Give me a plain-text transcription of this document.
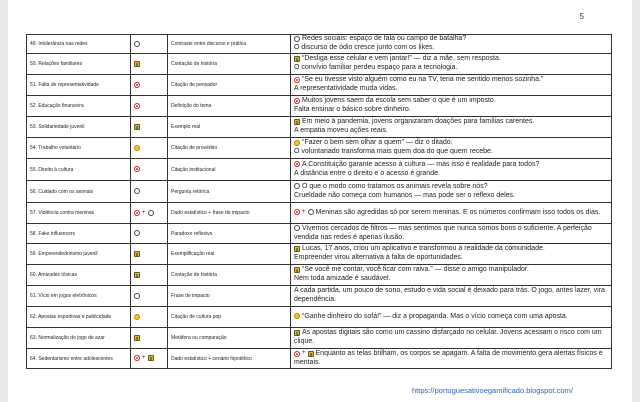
5
49. Intolerância nas redes		Contraste entre discurso e prática	Redes sociais: espaço de fala ou campo de batalha?
O discurso de ódio cresce junto com os likes.

50. Relações familiares		Contação de história	“Desliga esse celular e vem jantar!” — diz a mãe, sem resposta.
O convívio familiar perdeu espaço para a tecnologia.

51. Falta de representatividade		Citação de pensador	“Se eu tivesse visto alguém como eu na TV, teria me sentido menos sozinha.”
A representatividade muda vidas.

52. Educação financeira		Definição do tema	Muitos jovens saem da escola sem saber o que é um imposto.
Falta ensinar o básico sobre dinheiro.

53. Solidariedade juvenil		Exemplo real	Em meio à pandemia, jovens organizaram doações para famílias carentes.
A empatia moveu ações reais.

54. Trabalho voluntário		Citação de provérbio	“Fazer o bem sem olhar a quem” — diz o ditado.
O voluntariado transforma mais quem doa do que quem recebe.

55. Direito à cultura		Citação institucional	A Constituição garante acesso à cultura — mas isso é realidade para todos?
A distância entre o direito e o acesso é grande.

56. Cuidado com os animais		Pergunta retórica	O que o modo como tratamos os animais revela sobre nós?
Crueldade não começa com humanos — mas pode ser o reflexo deles.

57. Violência contra meninas	+	Dado estatístico + frase de impacto	+ Meninas são agredidas só por serem meninas. E os números confirmam isso todos os dias.

58. Fake influencers		Paradoxo reflexivo	Vivemos cercados de filtros — mas sentimos que nunca somos bons o suficiente. A perfeição vendida nas redes é apenas ilusão.

59. Empreendedorismo juvenil		Exemplificação real	Lucas, 17 anos, criou um aplicativo e transformou a realidade da comunidade.
Empreender virou alternativa à falta de oportunidades.

60. Amizades tóxicas		Contação de história	“Se você me contar, você ficar com raiva.” — disse o amigo manipulador.
Nem toda amizade é saudável.

61. Vício em jogos eletrônicos		Frase de impacto	A cada partida, um pouco de sono, estudo e vida social é deixado para trás. O jogo, antes lazer, vira dependência.

62. Apostas esportivas e publicidade		Citação de cultura pop	“Ganhe dinheiro do sofá!” — diz a propaganda. Mas o vício começa com uma aposta.

63. Normalização do jogo de azar		Metáfora ou comparação	As apostas digitais são como um cassino disfarçado no celular. Jovens acessam o risco com um clique.

64. Sedentarismo entre adolescentes	+	Dado estatístico + cenário hipotético	+ Enquanto as telas brilham, os corpos se apagam. A falta de movimento gera alertas físicos e mentais.
https://portuguesativoegamificado.blogspot.com/
